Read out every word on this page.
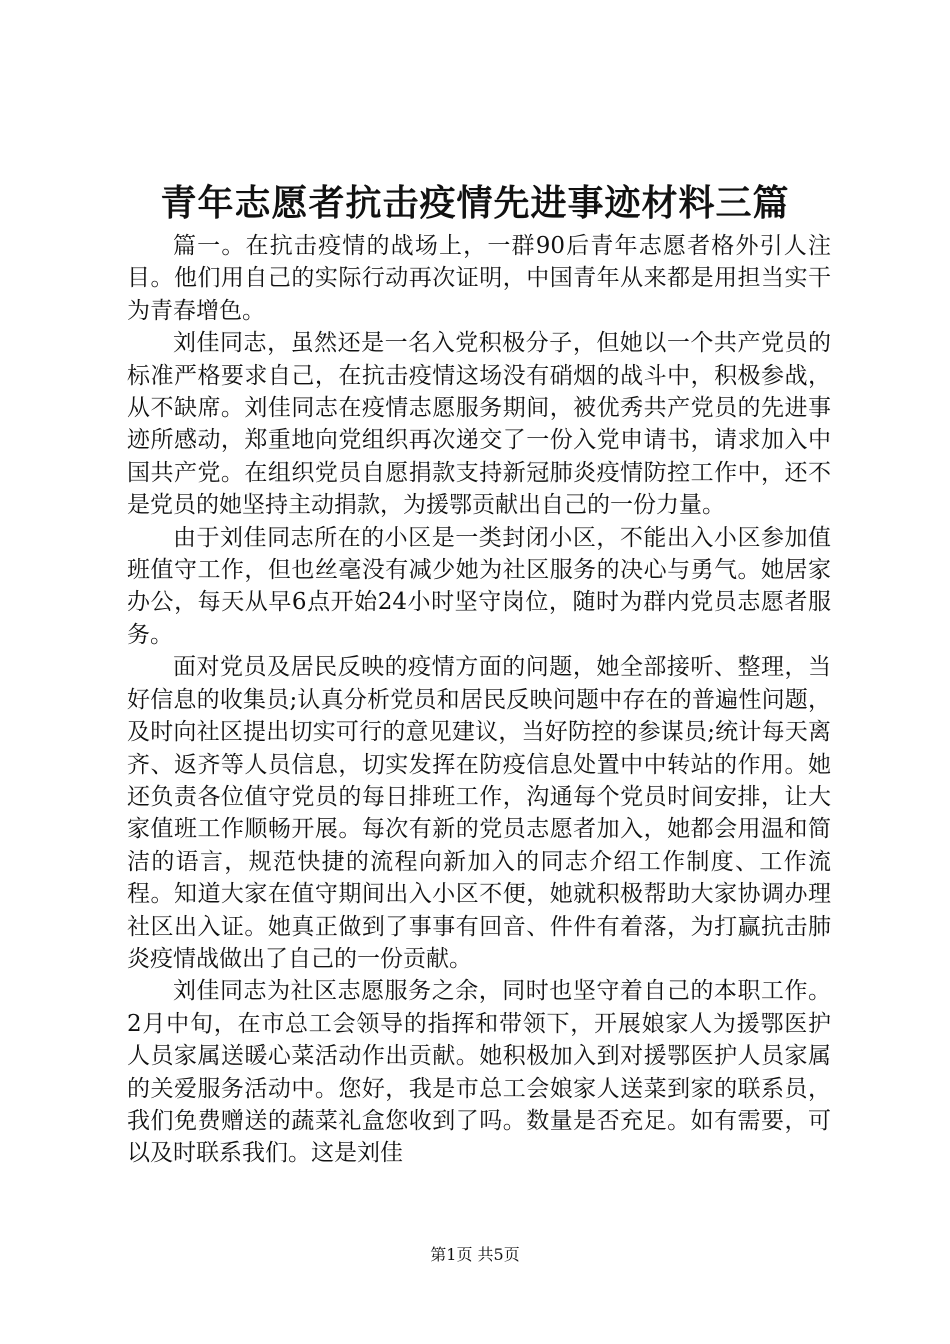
青年志愿者抗击疫情先进事迹材料三篇

篇一。在抗击疫情的战场上，一群90后青年志愿者格外引人注目。他们用自己的实际行动再次证明，中国青年从来都是用担当实干为青春增色。

刘佳同志，虽然还是一名入党积极分子，但她以一个共产党员的标准严格要求自己，在抗击疫情这场没有硝烟的战斗中，积极参战，从不缺席。刘佳同志在疫情志愿服务期间，被优秀共产党员的先进事迹所感动，郑重地向党组织再次递交了一份入党申请书，请求加入中国共产党。在组织党员自愿捐款支持新冠肺炎疫情防控工作中，还不是党员的她坚持主动捐款，为援鄂贡献出自己的一份力量。

由于刘佳同志所在的小区是一类封闭小区，不能出入小区参加值班值守工作，但也丝毫没有减少她为社区服务的决心与勇气。她居家办公，每天从早6点开始24小时坚守岗位，随时为群内党员志愿者服务。

面对党员及居民反映的疫情方面的问题，她全部接听、整理，当好信息的收集员;认真分析党员和居民反映问题中存在的普遍性问题，及时向社区提出切实可行的意见建议，当好防控的参谋员;统计每天离齐、返齐等人员信息，切实发挥在防疫信息处置中中转站的作用。她还负责各位值守党员的每日排班工作，沟通每个党员时间安排，让大家值班工作顺畅开展。每次有新的党员志愿者加入，她都会用温和简洁的语言，规范快捷的流程向新加入的同志介绍工作制度、工作流程。知道大家在值守期间出入小区不便，她就积极帮助大家协调办理社区出入证。她真正做到了事事有回音、件件有着落，为打赢抗击肺炎疫情战做出了自己的一份贡献。

刘佳同志为社区志愿服务之余，同时也坚守着自己的本职工作。2月中旬，在市总工会领导的指挥和带领下，开展娘家人为援鄂医护人员家属送暖心菜活动作出贡献。她积极加入到对援鄂医护人员家属的关爱服务活动中。您好，我是市总工会娘家人送菜到家的联系员，我们免费赠送的蔬菜礼盒您收到了吗。数量是否充足。如有需要，可以及时联系我们。这是刘佳

第1页 共5页
